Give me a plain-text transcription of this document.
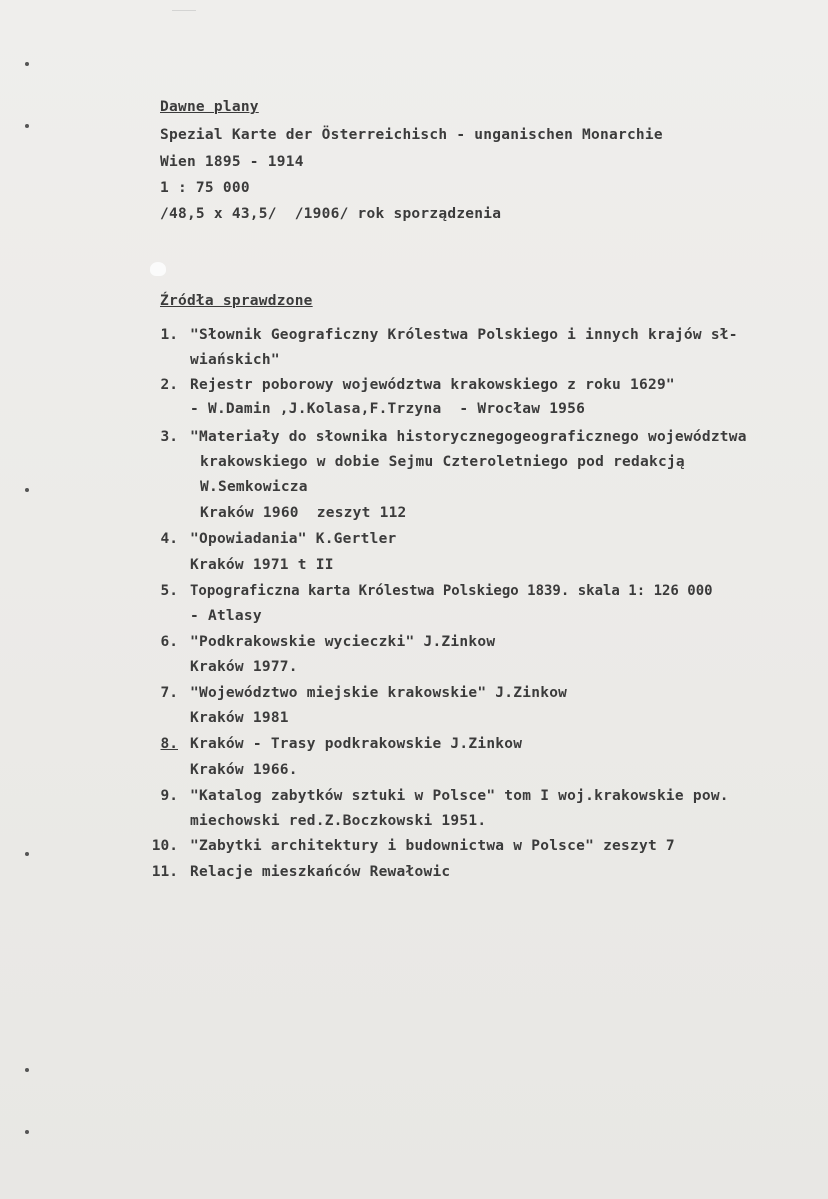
Dawne plany
Spezial Karte der Österreichisch - unganischen Monarchie
Wien 1895 - 1914
1 : 75 000
/48,5 x 43,5/  /1906/ rok sporządzenia
Źródła sprawdzone
1. "Słownik Geograficzny Królestwa Polskiego i innych krajów sł-
wiańskich"
2. Rejestr poborowy województwa krakowskiego z roku 1629"
- W.Damin ,J.Kolasa,F.Trzyna  - Wrocław 1956
3. "Materiały do słownika historycznegogeograficznego województwa
krakowskiego w dobie Sejmu Czteroletniego pod redakcją
W.Semkowicza
Kraków 1960  zeszyt 112
4. "Opowiadania" K.Gertler
Kraków 1971 t II
5. Topograficzna karta Królestwa Polskiego 1839. skala 1: 126 000
- Atlasy
6. "Podkrakowskie wycieczki" J.Zinkow
Kraków 1977.
7. "Województwo miejskie krakowskie" J.Zinkow
Kraków 1981
8. Kraków - Trasy podkrakowskie J.Zinkow
Kraków 1966.
9. "Katalog zabytków sztuki w Polsce" tom I woj.krakowskie pow.
miechowski red.Z.Boczkowski 1951.
10. "Zabytki architektury i budownictwa w Polsce" zeszyt 7
11. Relacje mieszkańców Rewałowic
